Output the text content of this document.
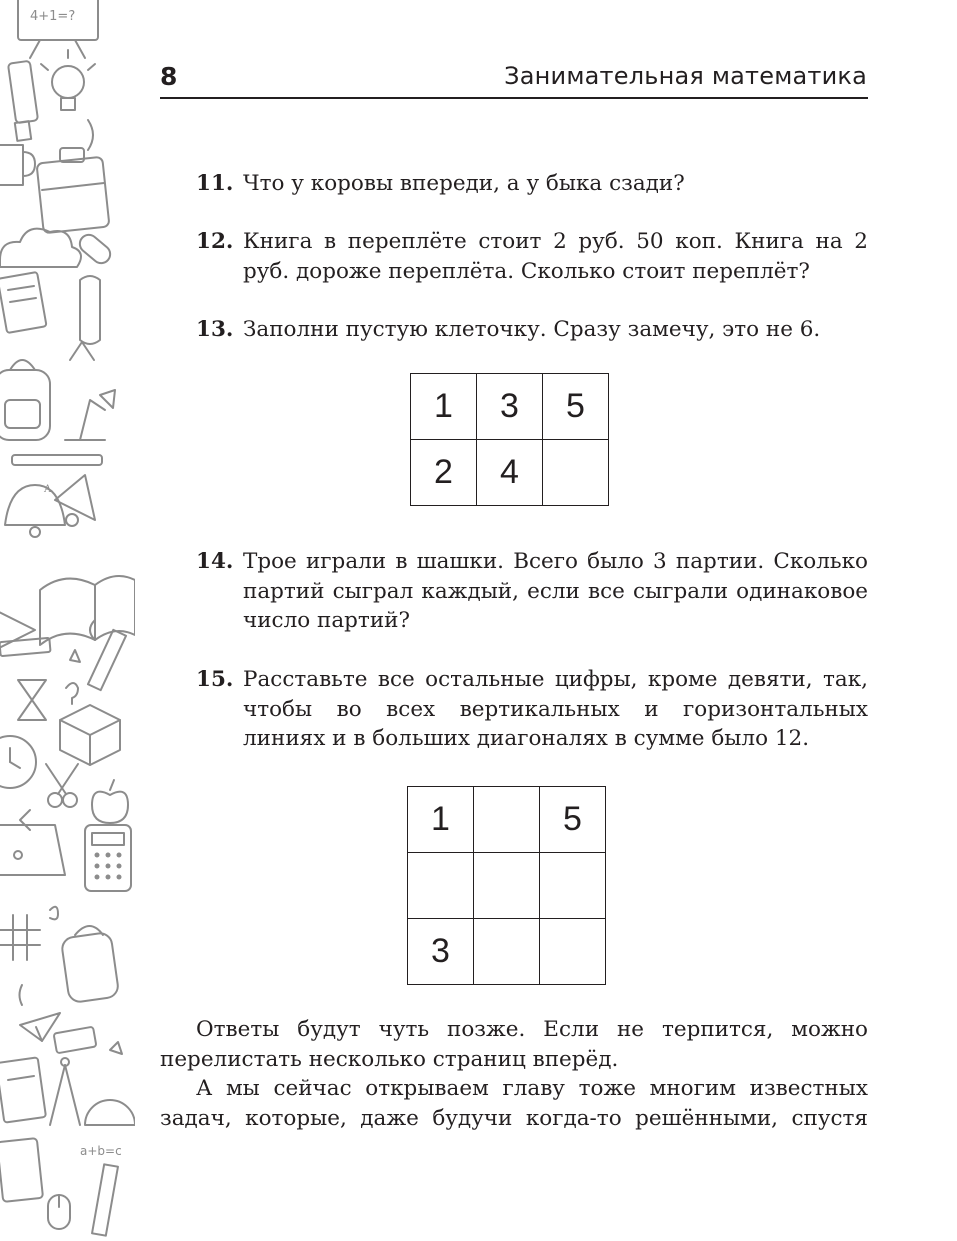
4+1=?
A
a+b=c
8	Занимательная математика
11. Что у коровы впереди, а у быка сзади?
12. Книга в переплёте стоит 2 руб. 50 коп. Книга на 2 руб. дороже переплёта. Сколько стоит переплёт?
13. Заполни пустую клеточку. Сразу замечу, это не 6.
1	3	5
2	4	
14. Трое играли в шашки. Всего было 3 партии. Сколько партий сыграл каждый, если все сыграли одинаковое число партий?
15. Расставьте все остальные цифры, кроме девяти, так, чтобы во всех вертикальных и горизонтальных линиях и в больших диагоналях в сумме было 12.
1		5

3		
Ответы будут чуть позже. Если не терпится, можно перелистать несколько страниц вперёд.
А мы сейчас открываем главу тоже многим известных задач, которые, даже будучи когда-то решёнными, спустя
